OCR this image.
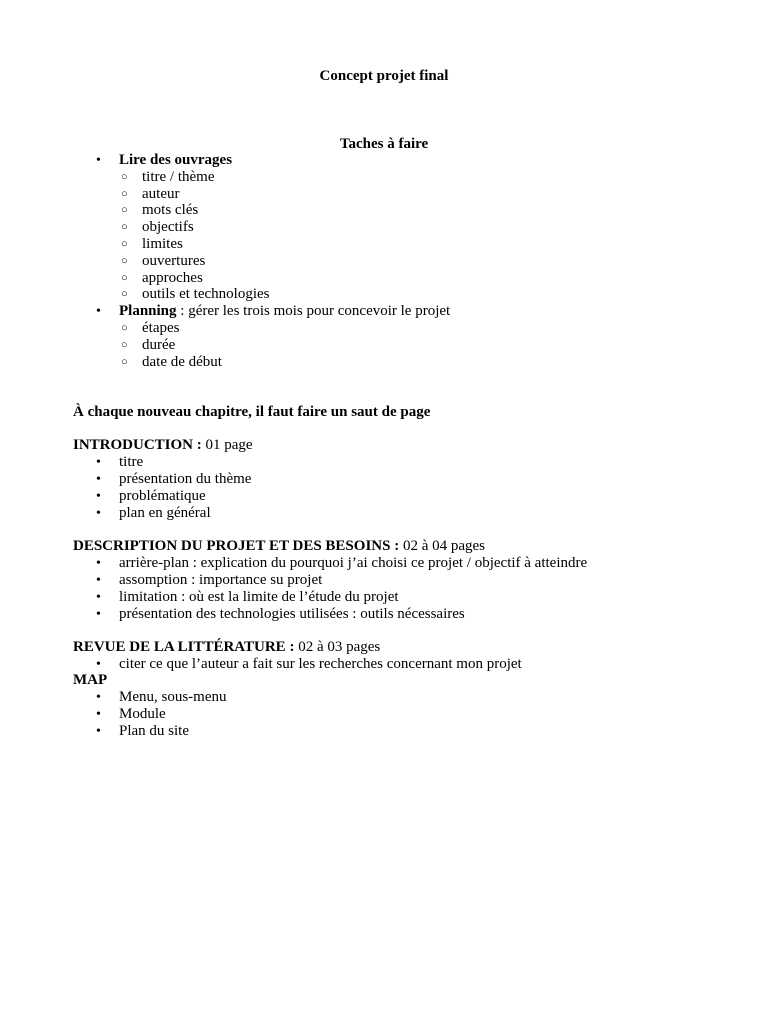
Concept projet final
Taches à faire
• Lire des ouvrages
○ titre / thème
○ auteur
○ mots clés
○ objectifs
○ limites
○ ouvertures
○ approches
○ outils et technologies
• Planning : gérer les trois mois pour concevoir le projet
○ étapes
○ durée
○ date de début
À chaque nouveau chapitre, il faut faire un saut de page
INTRODUCTION : 01 page
• titre
• présentation du thème
• problématique
• plan en général
DESCRIPTION DU PROJET ET DES BESOINS : 02 à 04 pages
• arrière-plan : explication du pourquoi j’ai choisi ce projet / objectif à atteindre
• assomption : importance su projet
• limitation : où est la limite de l’étude du projet
• présentation des technologies utilisées : outils nécessaires
REVUE DE LA LITTÉRATURE : 02 à 03 pages
• citer ce que l’auteur a fait sur les recherches concernant mon projet
MAP
• Menu, sous-menu
• Module
• Plan du site
